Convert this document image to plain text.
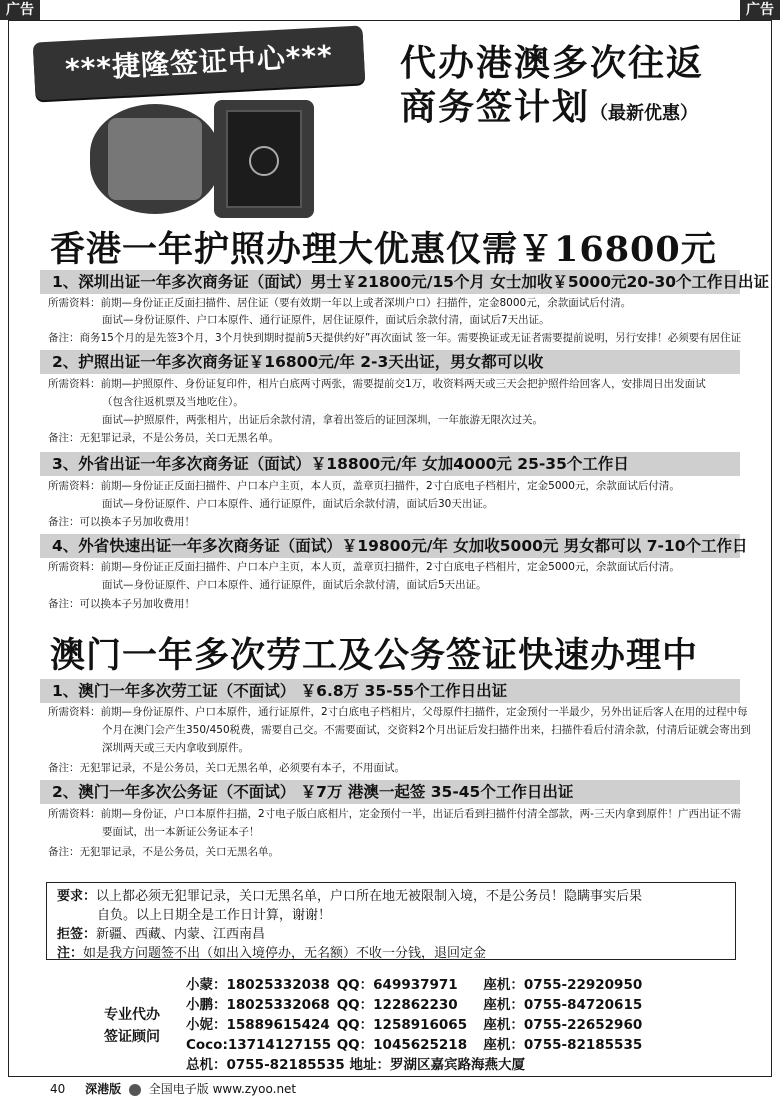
广告	广告
***捷隆签证中心***	代办港澳多次往返
商务签计划（最新优惠）
香港一年护照办理大优惠仅需￥16800元
1、深圳出证一年多次商务证（面试）男士￥21800元/15个月 女士加收￥5000元20-30个工作日出证
所需资料：前期—身份证正反面扫描件、居住证（要有效期一年以上或者深圳户口）扫描件，定金8000元，余款面试后付清。
面试—身份证原件、户口本原件、通行证原件，居住证原件，面试后余款付清，面试后7天出证。
备注：商务15个月的是先签3个月，3个月快到期时提前5天提供约好”再次面试 签一年。需要换证或无证者需要提前说明，另行安排！必须要有居住证
2、护照出证一年多次商务证￥16800元/年 2-3天出证，男女都可以收
所需资料：前期—护照原件、身份证复印件，相片白底两寸两张，需要提前交1万，收资料两天或三天会把护照件给回客人，安排周日出发面试
（包含往返机票及当地吃住）。
面试—护照原件，两张相片，出证后余款付清，拿着出签后的证回深圳，一年旅游无限次过关。
备注：无犯罪记录，不是公务员，关口无黑名单。
3、外省出证一年多次商务证（面试）￥18800元/年 女加4000元 25-35个工作日
所需资料：前期—身份证正反面扫描件、户口本户主页，本人页，盖章页扫描件，2寸白底电子档相片，定金5000元，余款面试后付清。
面试—身份证原件、户口本原件、通行证原件，面试后余款付清，面试后30天出证。
备注：可以换本子另加收费用！
4、外省快速出证一年多次商务证（面试）￥19800元/年 女加收5000元 男女都可以 7-10个工作日
所需资料：前期—身份证正反面扫描件、户口本户主页，本人页，盖章页扫描件，2寸白底电子档相片，定金5000元，余款面试后付清。
面试—身份证原件、户口本原件、通行证原件，面试后余款付清，面试后5天出证。
备注：可以换本子另加收费用！
澳门一年多次劳工及公务签证快速办理中
1、澳门一年多次劳工证（不面试） ￥6.8万 35-55个工作日出证
所需资料：前期—身份证原件、户口本原件，通行证原件，2寸白底电子档相片，父母原件扫描件，定金预付一半最少，另外出证后客人在用的过程中每
个月在澳门会产生350/450税费，需要自己交。不需要面试，交资料2个月出证后发扫描件出来，扫描件看后付清余款，付清后证就会寄出到
深圳两天或三天内拿收到原件。
备注：无犯罪记录，不是公务员，关口无黑名单，必须要有本子，不用面试。
2、澳门一年多次公务证（不面试） ￥7万 港澳一起签 35-45个工作日出证
所需资料：前期—身份证，户口本原件扫描，2寸电子版白底相片，定金预付一半，出证后看到扫描件付清全部款，两-三天内拿到原件！广西出证不需
要面试，出一本新证公务证本子！
备注：无犯罪记录，不是公务员，关口无黑名单。
要求：以上都必须无犯罪记录，关口无黑名单，户口所在地无被限制入境，不是公务员！隐瞒事实后果
自负。以上日期全是工作日计算，谢谢！
拒签：新疆、西藏、内蒙、江西南昌
注：如是我方问题签不出（如出入境停办，无名额）不收一分钱，退回定金
专业代办
签证顾问
小蒙：18025332038 QQ：649937971 座机：0755-22920950
小鹏：18025332068 QQ：122862230 座机：0755-84720615
小妮：15889615424 QQ：1258916065 座机：0755-22652960
Coco:13714127155 QQ：1045625218 座机：0755-82185535
总机：0755-82185535 地址：罗湖区嘉宾路海燕大厦
40 深港版 全国电子版 www.zyoo.net
